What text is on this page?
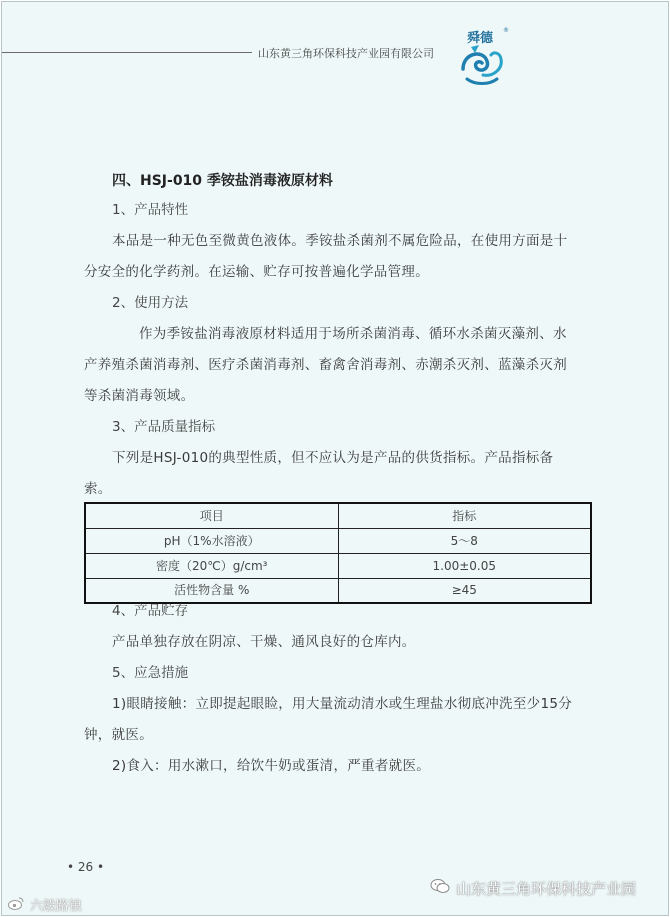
山东黄三角环保科技产业园有限公司
舜德
®
四、HSJ-010 季铵盐消毒液原材料
1、产品特性
本品是一种无色至微黄色液体。季铵盐杀菌剂不属危险品，在使用方面是十
分安全的化学药剂。在运输、贮存可按普遍化学品管理。
2、使用方法
作为季铵盐消毒液原材料适用于场所杀菌消毒、循环水杀菌灭藻剂、水
产养殖杀菌消毒剂、医疗杀菌消毒剂、畜禽舍消毒剂、赤潮杀灭剂、蓝藻杀灭剂
等杀菌消毒领域。
3、产品质量指标
下列是HSJ-010的典型性质，但不应认为是产品的供货指标。产品指标备
索。
项目	指标
pH（1%水溶液）	5～8
密度（20℃）g/cm³	1.00±0.05
活性物含量 %	≥45
4、产品贮存
产品单独存放在阴凉、干燥、通风良好的仓库内。
5、应急措施
1)眼睛接触：立即提起眼睑，用大量流动清水或生理盐水彻底冲洗至少15分
钟，就医。
2)食入：用水漱口，给饮牛奶或蛋清，严重者就医。
• 26 •
六般路锒
山东黄三角环保科技产业园
